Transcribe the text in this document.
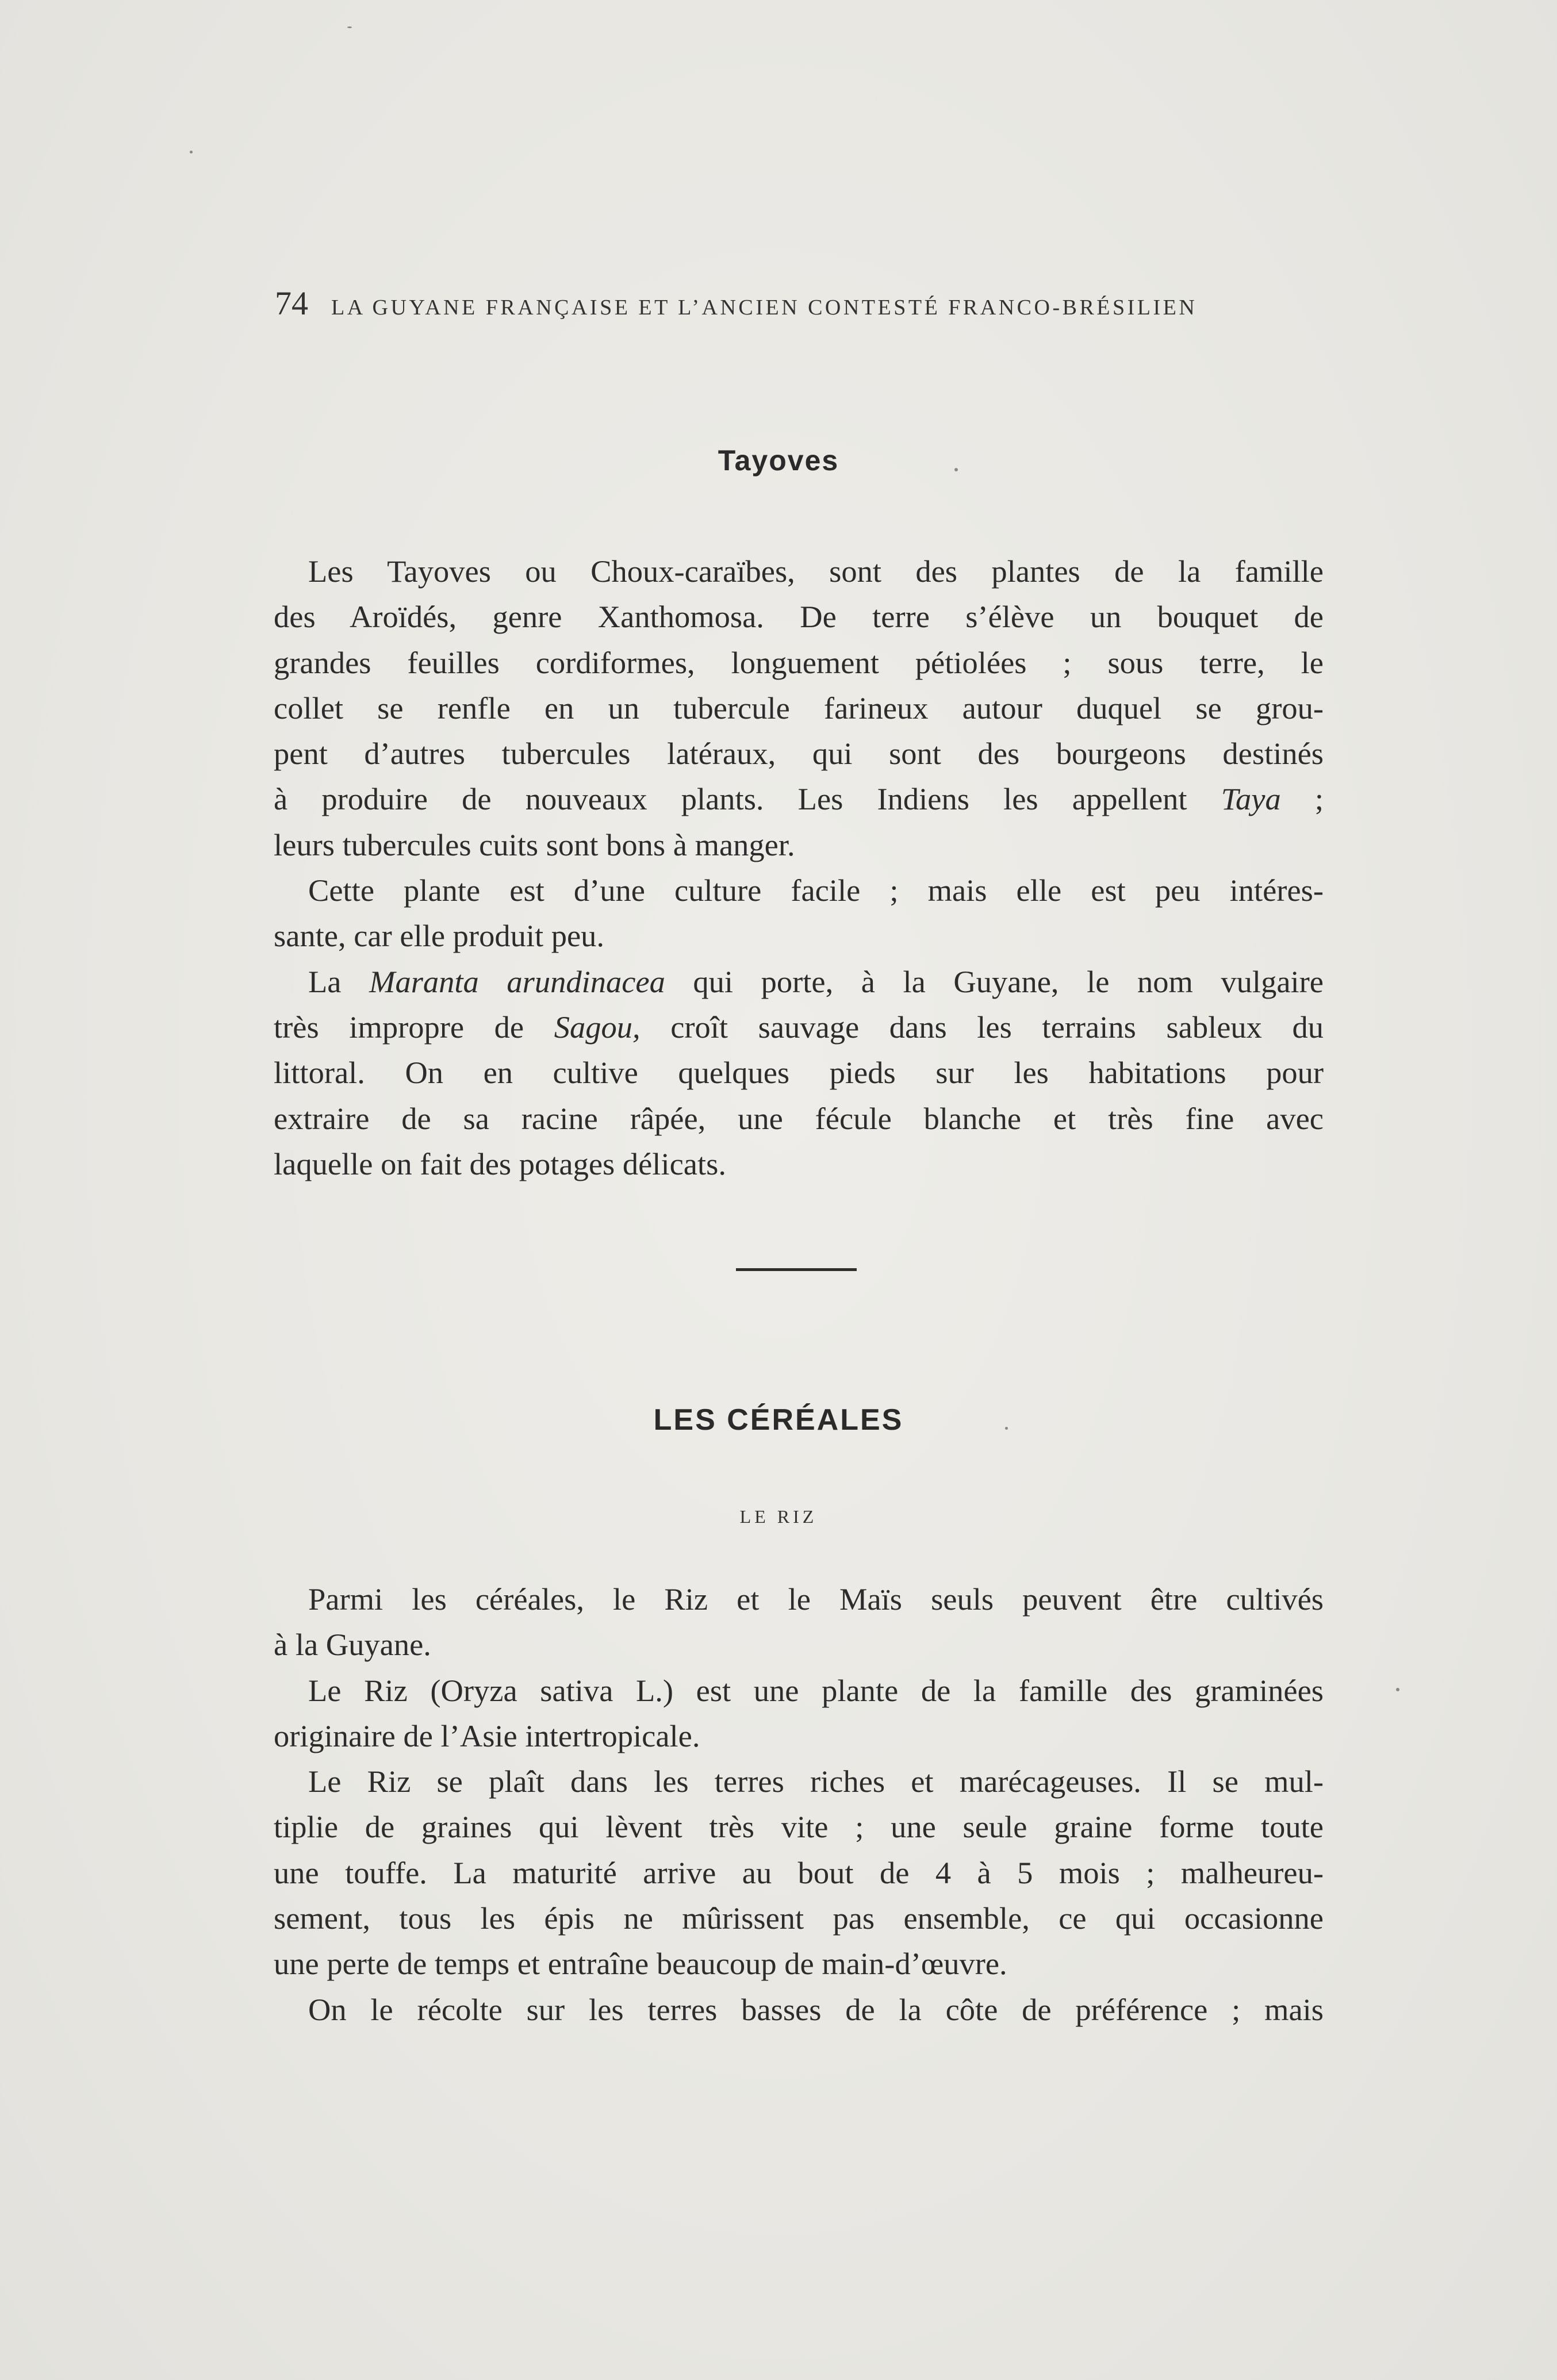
74 LA GUYANE FRANÇAISE ET L’ANCIEN CONTESTÉ FRANCO-BRÉSILIEN
Tayoves

Les Tayoves ou Choux-caraïbes, sont des plantes de la famille

des Aroïdés, genre Xanthomosa. De terre s’élève un bouquet de

grandes feuilles cordiformes, longuement pétiolées ; sous terre, le

collet se renfle en un tubercule farineux autour duquel se grou-

pent d’autres tubercules latéraux, qui sont des bourgeons destinés

à produire de nouveaux plants. Les Indiens les appellent Taya ;

leurs tubercules cuits sont bons à manger.

Cette plante est d’une culture facile ; mais elle est peu intéres-

sante, car elle produit peu.

La Maranta arundinacea qui porte, à la Guyane, le nom vulgaire

très impropre de Sagou, croît sauvage dans les terrains sableux du

littoral. On en cultive quelques pieds sur les habitations pour

extraire de sa racine râpée, une fécule blanche et très fine avec

laquelle on fait des potages délicats.

LES CÉRÉALES
LE RIZ

Parmi les céréales, le Riz et le Maïs seuls peuvent être cultivés

à la Guyane.

Le Riz (Oryza sativa L.) est une plante de la famille des graminées

originaire de l’Asie intertropicale.

Le Riz se plaît dans les terres riches et marécageuses. Il se mul-

tiplie de graines qui lèvent très vite ; une seule graine forme toute

une touffe. La maturité arrive au bout de 4 à 5 mois ; malheureu-

sement, tous les épis ne mûrissent pas ensemble, ce qui occasionne

une perte de temps et entraîne beaucoup de main-d’œuvre.

On le récolte sur les terres basses de la côte de préférence ; mais
